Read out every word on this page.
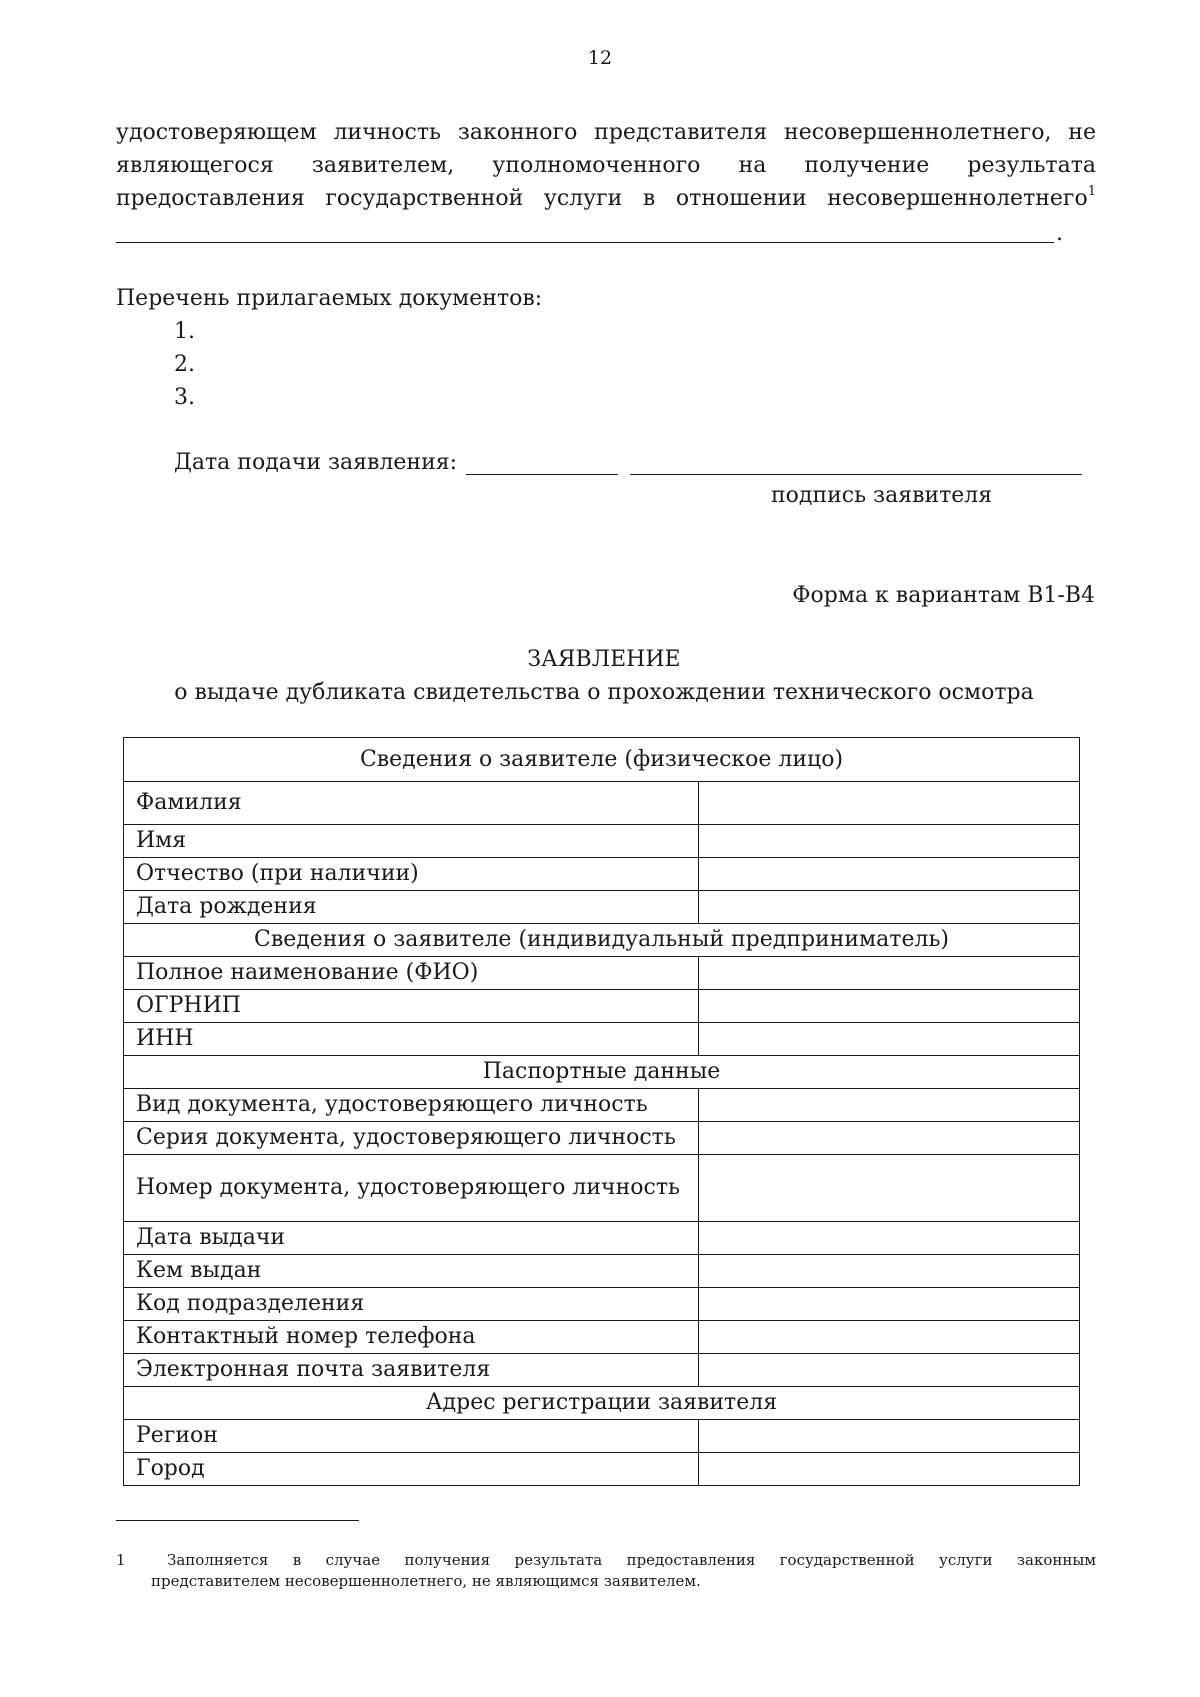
12
удостоверяющем личность законного представителя несовершеннолетнего, не
являющегося заявителем, уполномоченного на получение результата
предоставления государственной услуги в отношении несовершеннолетнего$^1$
.
Перечень прилагаемых документов:
1.
2.
3.
Дата подачи заявления:
подпись заявителя
Форма к вариантам В1-В4
ЗАЯВЛЕНИЕ
о выдаче дубликата свидетельства о прохождении технического осмотра
Сведения о заявителе (физическое лицо)	
Фамилия	
Имя	
Отчество (при наличии)	
Дата рождения	
Сведения о заявителе (индивидуальный предприниматель)	
Полное наименование (ФИО)	
ОГРНИП	
ИНН	
Паспортные данные	
Вид документа, удостоверяющего личность	
Серия документа, удостоверяющего личность	
Номер документа, удостоверяющего личность	
Дата выдачи	
Кем выдан	
Код подразделения	
Контактный номер телефона	
Электронная почта заявителя	
Адрес регистрации заявителя	
Регион	
Город	
1	Заполняется в случае получения результата предоставления государственной услуги законным
представителем несовершеннолетнего, не являющимся заявителем.
